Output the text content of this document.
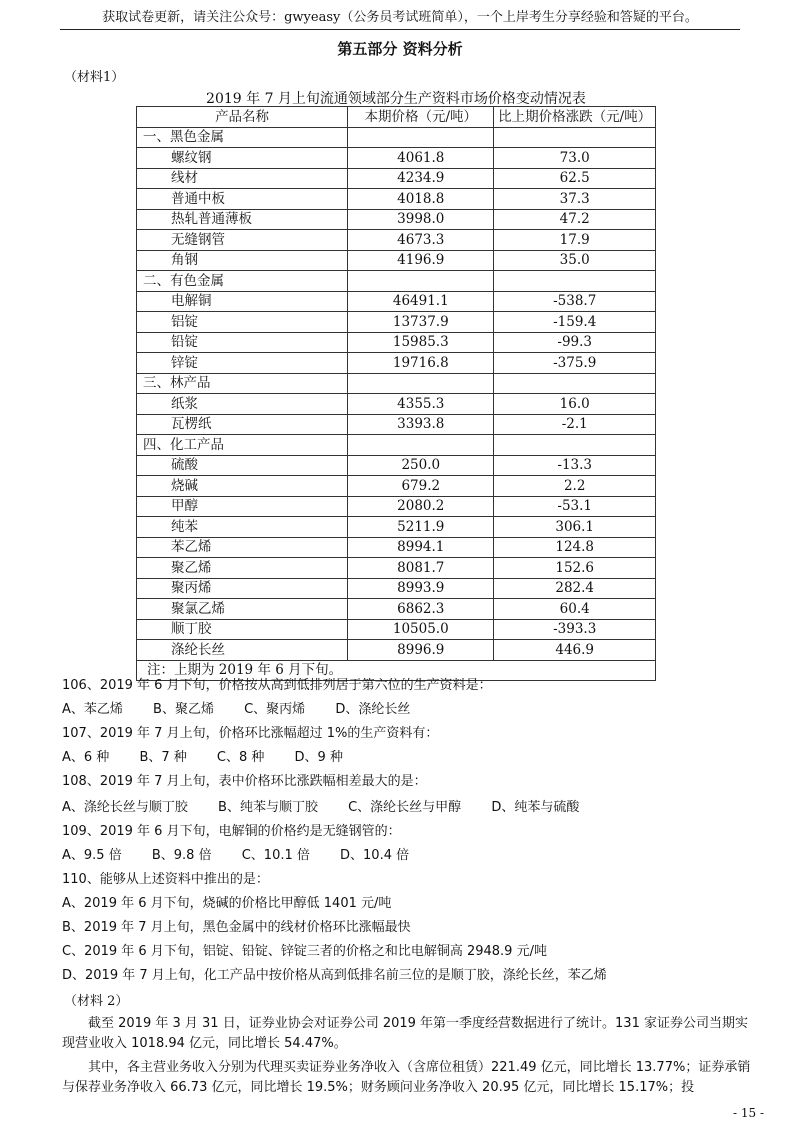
获取试卷更新，请关注公众号：gwyeasy（公务员考试班简单），一个上岸考生分享经验和答疑的平台。
第五部分 资料分析
（材料1）
2019 年 7 月上旬流通领域部分生产资料市场价格变动情况表
产品名称	本期价格（元/吨）	比上期价格涨跌（元/吨）
一、黑色金属		
螺纹钢	4061.8	73.0
线材	4234.9	62.5
普通中板	4018.8	37.3
热轧普通薄板	3998.0	47.2
无缝钢管	4673.3	17.9
角钢	4196.9	35.0
二、有色金属		
电解铜	46491.1	-538.7
铝锭	13737.9	-159.4
铅锭	15985.3	-99.3
锌锭	19716.8	-375.9
三、林产品		
纸浆	4355.3	16.0
瓦楞纸	3393.8	-2.1
四、化工产品		
硫酸	250.0	-13.3
烧碱	679.2	2.2
甲醇	2080.2	-53.1
纯苯	5211.9	306.1
苯乙烯	8994.1	124.8
聚乙烯	8081.7	152.6
聚丙烯	8993.9	282.4
聚氯乙烯	6862.3	60.4
顺丁胶	10505.0	-393.3
涤纶长丝	8996.9	446.9
注：上期为 2019 年 6 月下旬。		
106、2019 年 6 月下旬，价格按从高到低排列居于第六位的生产资料是：
A、苯乙烯 B、聚乙烯 C、聚丙烯 D、涤纶长丝
107、2019 年 7 月上旬，价格环比涨幅超过 1%的生产资料有：
A、6 种 B、7 种 C、8 种 D、9 种
108、2019 年 7 月上旬，表中价格环比涨跌幅相差最大的是：
A、涤纶长丝与顺丁胶 B、纯苯与顺丁胶 C、涤纶长丝与甲醇 D、纯苯与硫酸
109、2019 年 6 月下旬，电解铜的价格约是无缝钢管的：
A、9.5 倍 B、9.8 倍 C、10.1 倍 D、10.4 倍
110、能够从上述资料中推出的是：
A、2019 年 6 月下旬，烧碱的价格比甲醇低 1401 元/吨
B、2019 年 7 月上旬，黑色金属中的线材价格环比涨幅最快
C、2019 年 6 月下旬，铝锭、铅锭、锌锭三者的价格之和比电解铜高 2948.9 元/吨
D、2019 年 7 月上旬，化工产品中按价格从高到低排名前三位的是顺丁胶，涤纶长丝，苯乙烯
（材料 2）
截至 2019 年 3 月 31 日，证券业协会对证券公司 2019 年第一季度经营数据进行了统计。131 家证券公司当期实现营业收入 1018.94 亿元，同比增长 54.47%。
其中，各主营业务收入分别为代理买卖证券业务净收入（含席位租赁）221.49 亿元，同比增长 13.77%；证券承销与保荐业务净收入 66.73 亿元，同比增长 19.5%；财务顾问业务净收入 20.95 亿元，同比增长 15.17%；投
- 15 -
